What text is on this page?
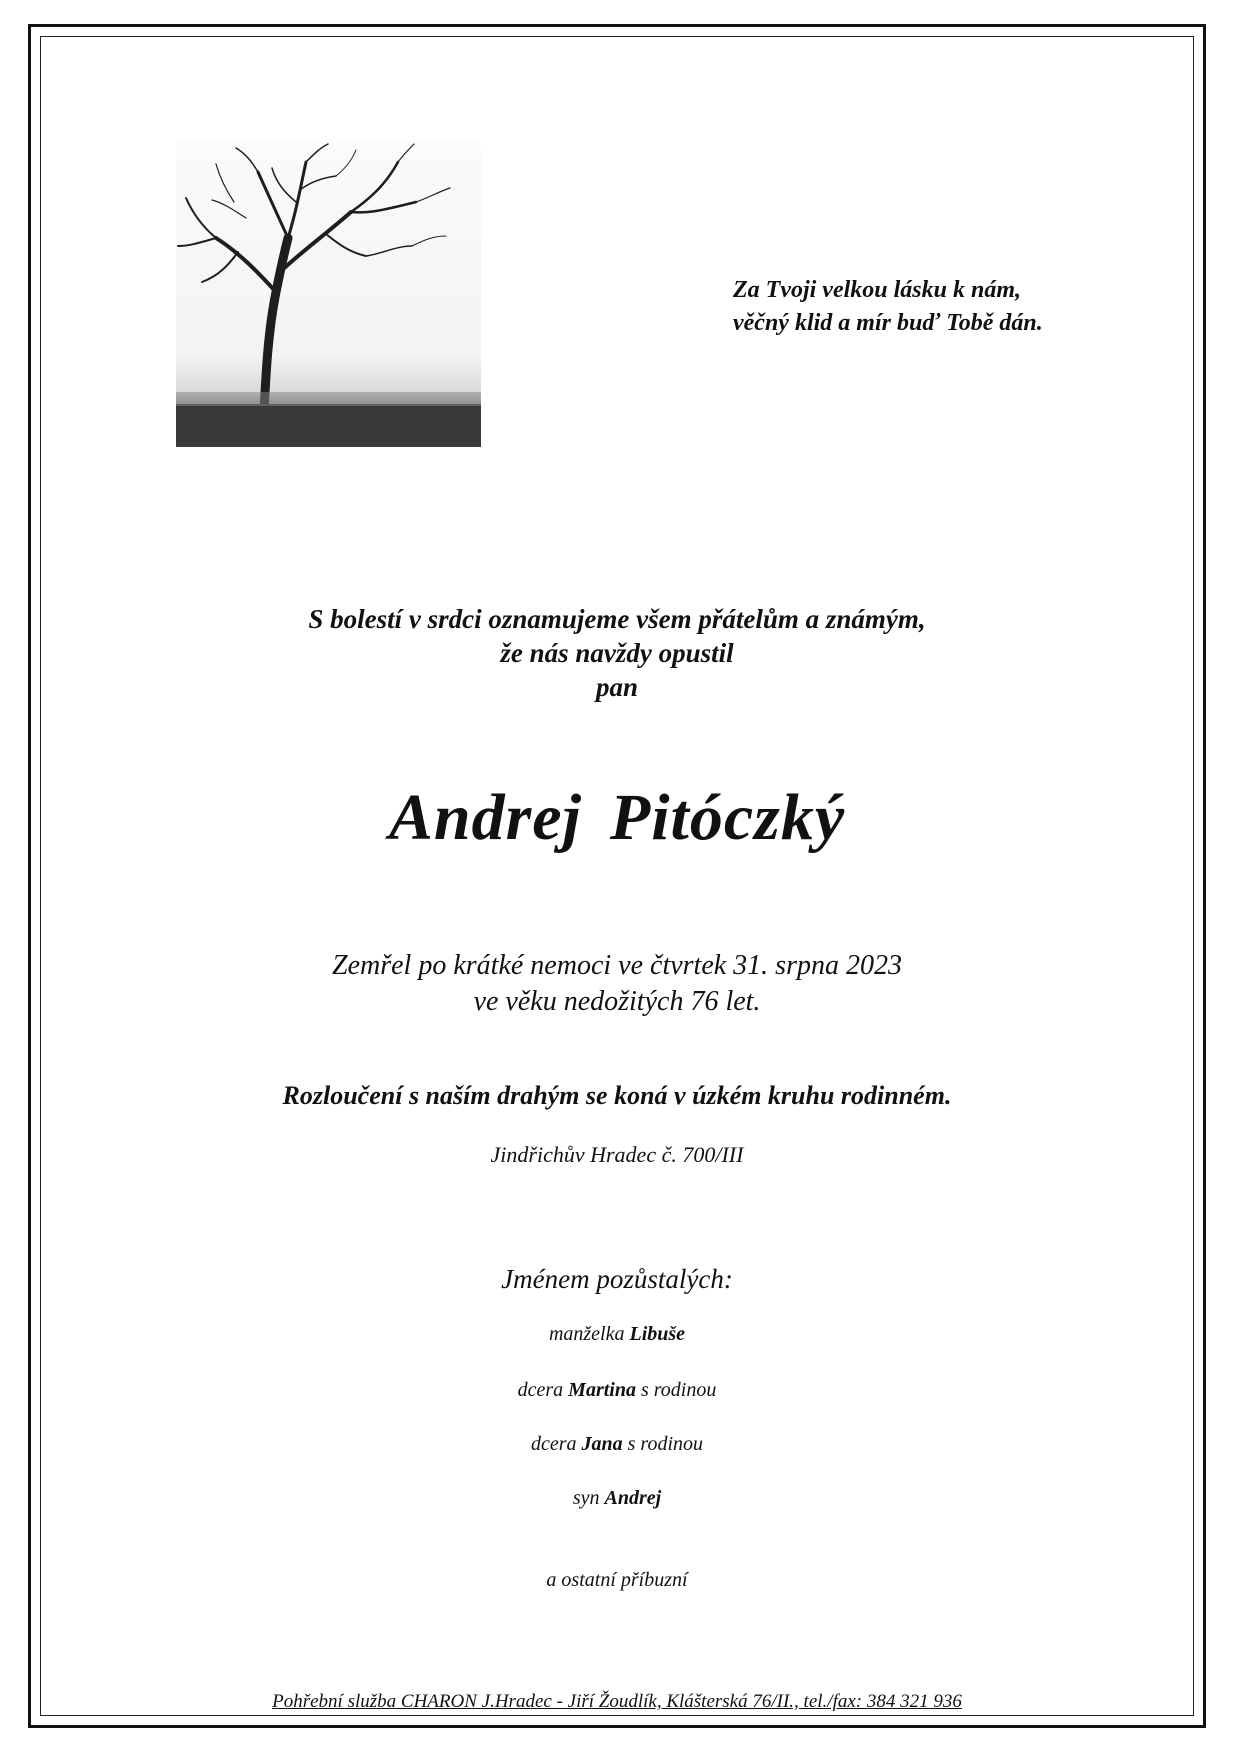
Za Tvoji velkou lásku k nám,
věčný klid a mír buď Tobě dán.
S bolestí v srdci oznamujeme všem přátelům a známým,
že nás navždy opustil
pan
Andrej Pitóczký
Zemřel po krátké nemoci ve čtvrtek 31. srpna 2023
ve věku nedožitých 76 let.
Rozloučení s naším drahým se koná v úzkém kruhu rodinném.
Jindřichův Hradec č. 700/III
Jménem pozůstalých:
manželka Libuše
dcera Martina s rodinou
dcera Jana s rodinou
syn Andrej
a ostatní příbuzní
Pohřební služba CHARON J.Hradec - Jiří Žoudlík, Klášterská 76/II., tel./fax: 384 321 936
